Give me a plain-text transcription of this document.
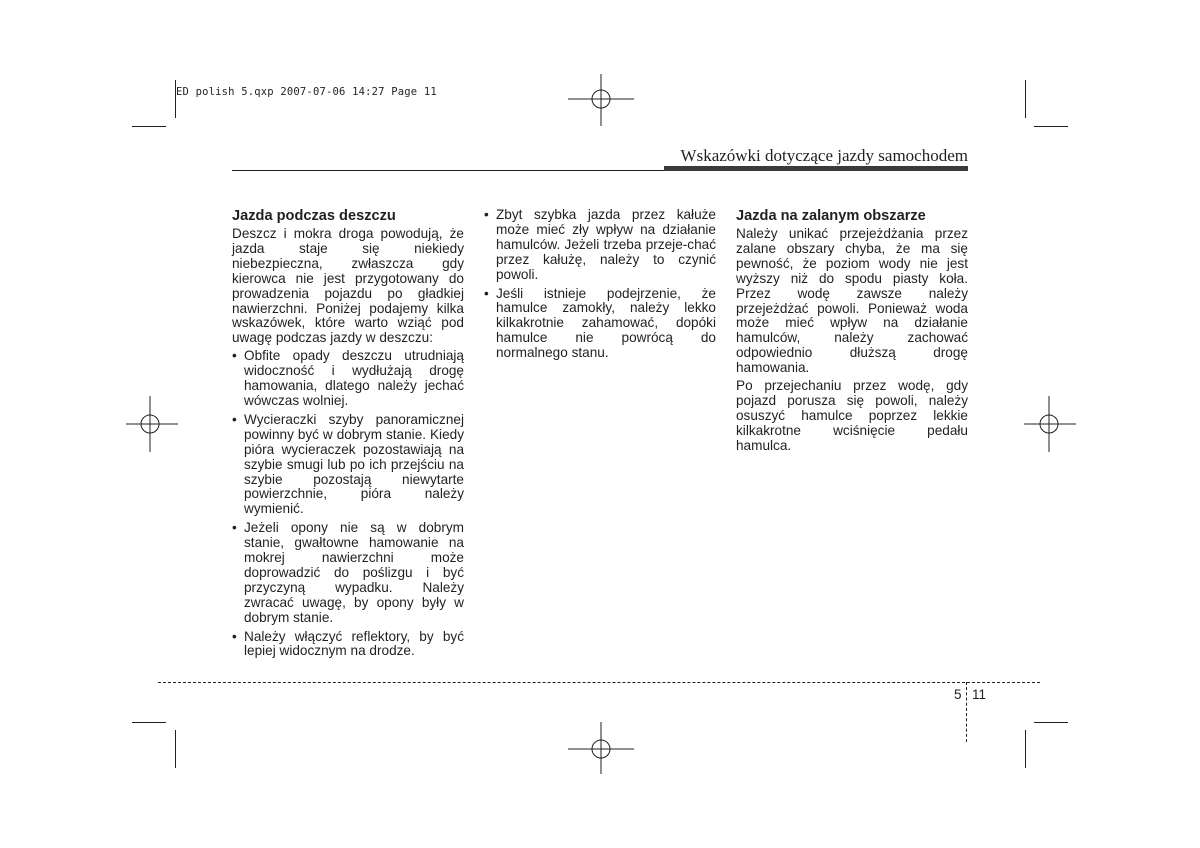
ED polish 5.qxp 2007-07-06 14:27 Page 11
Wskazówki dotyczące jazdy samochodem
Jazda podczas deszczu

Deszcz i mokra droga powodują, że jazda staje się niekiedy niebezpieczna, zwłaszcza gdy kierowca nie jest przygotowany do prowadzenia pojazdu po gładkiej nawierzchni. Poniżej podajemy kilka wskazówek, które warto wziąć pod uwagę podczas jazdy w deszczu:

• Obfite opady deszczu utrudniają widoczność i wydłużają drogę hamowania, dlatego należy jechać wówczas wolniej.
• Wycieraczki szyby panoramicznej powinny być w dobrym stanie. Kiedy pióra wycieraczek pozostawiają na szybie smugi lub po ich przejściu na szybie pozostają niewytarte powierzchnie, pióra należy wymienić.
• Jeżeli opony nie są w dobrym stanie, gwałtowne hamowanie na mokrej nawierzchni może doprowadzić do poślizgu i być przyczyną wypadku. Należy zwracać uwagę, by opony były w dobrym stanie.
• Należy włączyć reflektory, by być lepiej widocznym na drodze.
• Zbyt szybka jazda przez kałuże może mieć zły wpływ na działanie hamulców. Jeżeli trzeba przeje-chać przez kałużę, należy to czynić powoli.
• Jeśli istnieje podejrzenie, że hamulce zamokły, należy lekko kilkakrotnie zahamować, dopóki hamulce nie powrócą do normalnego stanu.
Jazda na zalanym obszarze

Należy unikać przejeżdżania przez zalane obszary chyba, że ma się pewność, że poziom wody nie jest wyższy niż do spodu piasty koła. Przez wodę zawsze należy przejeżdżać powoli. Ponieważ woda może mieć wpływ na działanie hamulców, należy zachować odpowiednio dłuższą drogę hamowania.

Po przejechaniu przez wodę, gdy pojazd porusza się powoli, należy osuszyć hamulce poprzez lekkie kilkakrotne wciśnięcie pedału hamulca.

5 11
